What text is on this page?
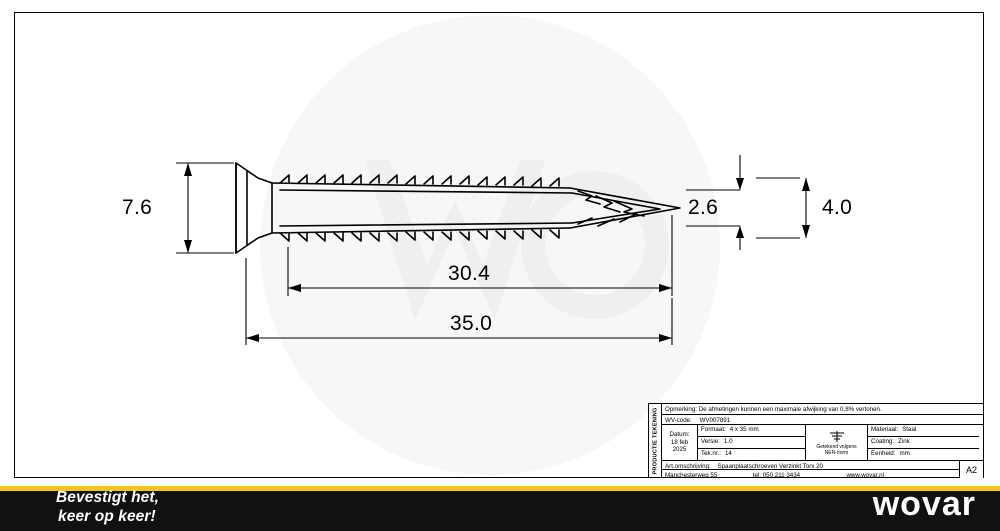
7.6	2.6	4.0
30.4
35.0
PRODUCTIE TEKENING	Opmerking: De afmetingen kunnen een maximale afwijking van 0,8% vertonen.
WV-code: WV007891
Datum:
18 feb
2025
Formaat: 4 x 35 mm
Versie: 1.0
Tek.nr.: 14
Getekend volgens
NEN-norm
Materiaal: Staal
Coating: Zink
Eenheid: mm
Art.omschrijving: Spaanplaatschroeven Verzinkt Torx 20
Manchesterweg 55	tel: 050 211 3434	www.wovar.nl	A2
Bevestigt het,
keer op keer!	wovar
